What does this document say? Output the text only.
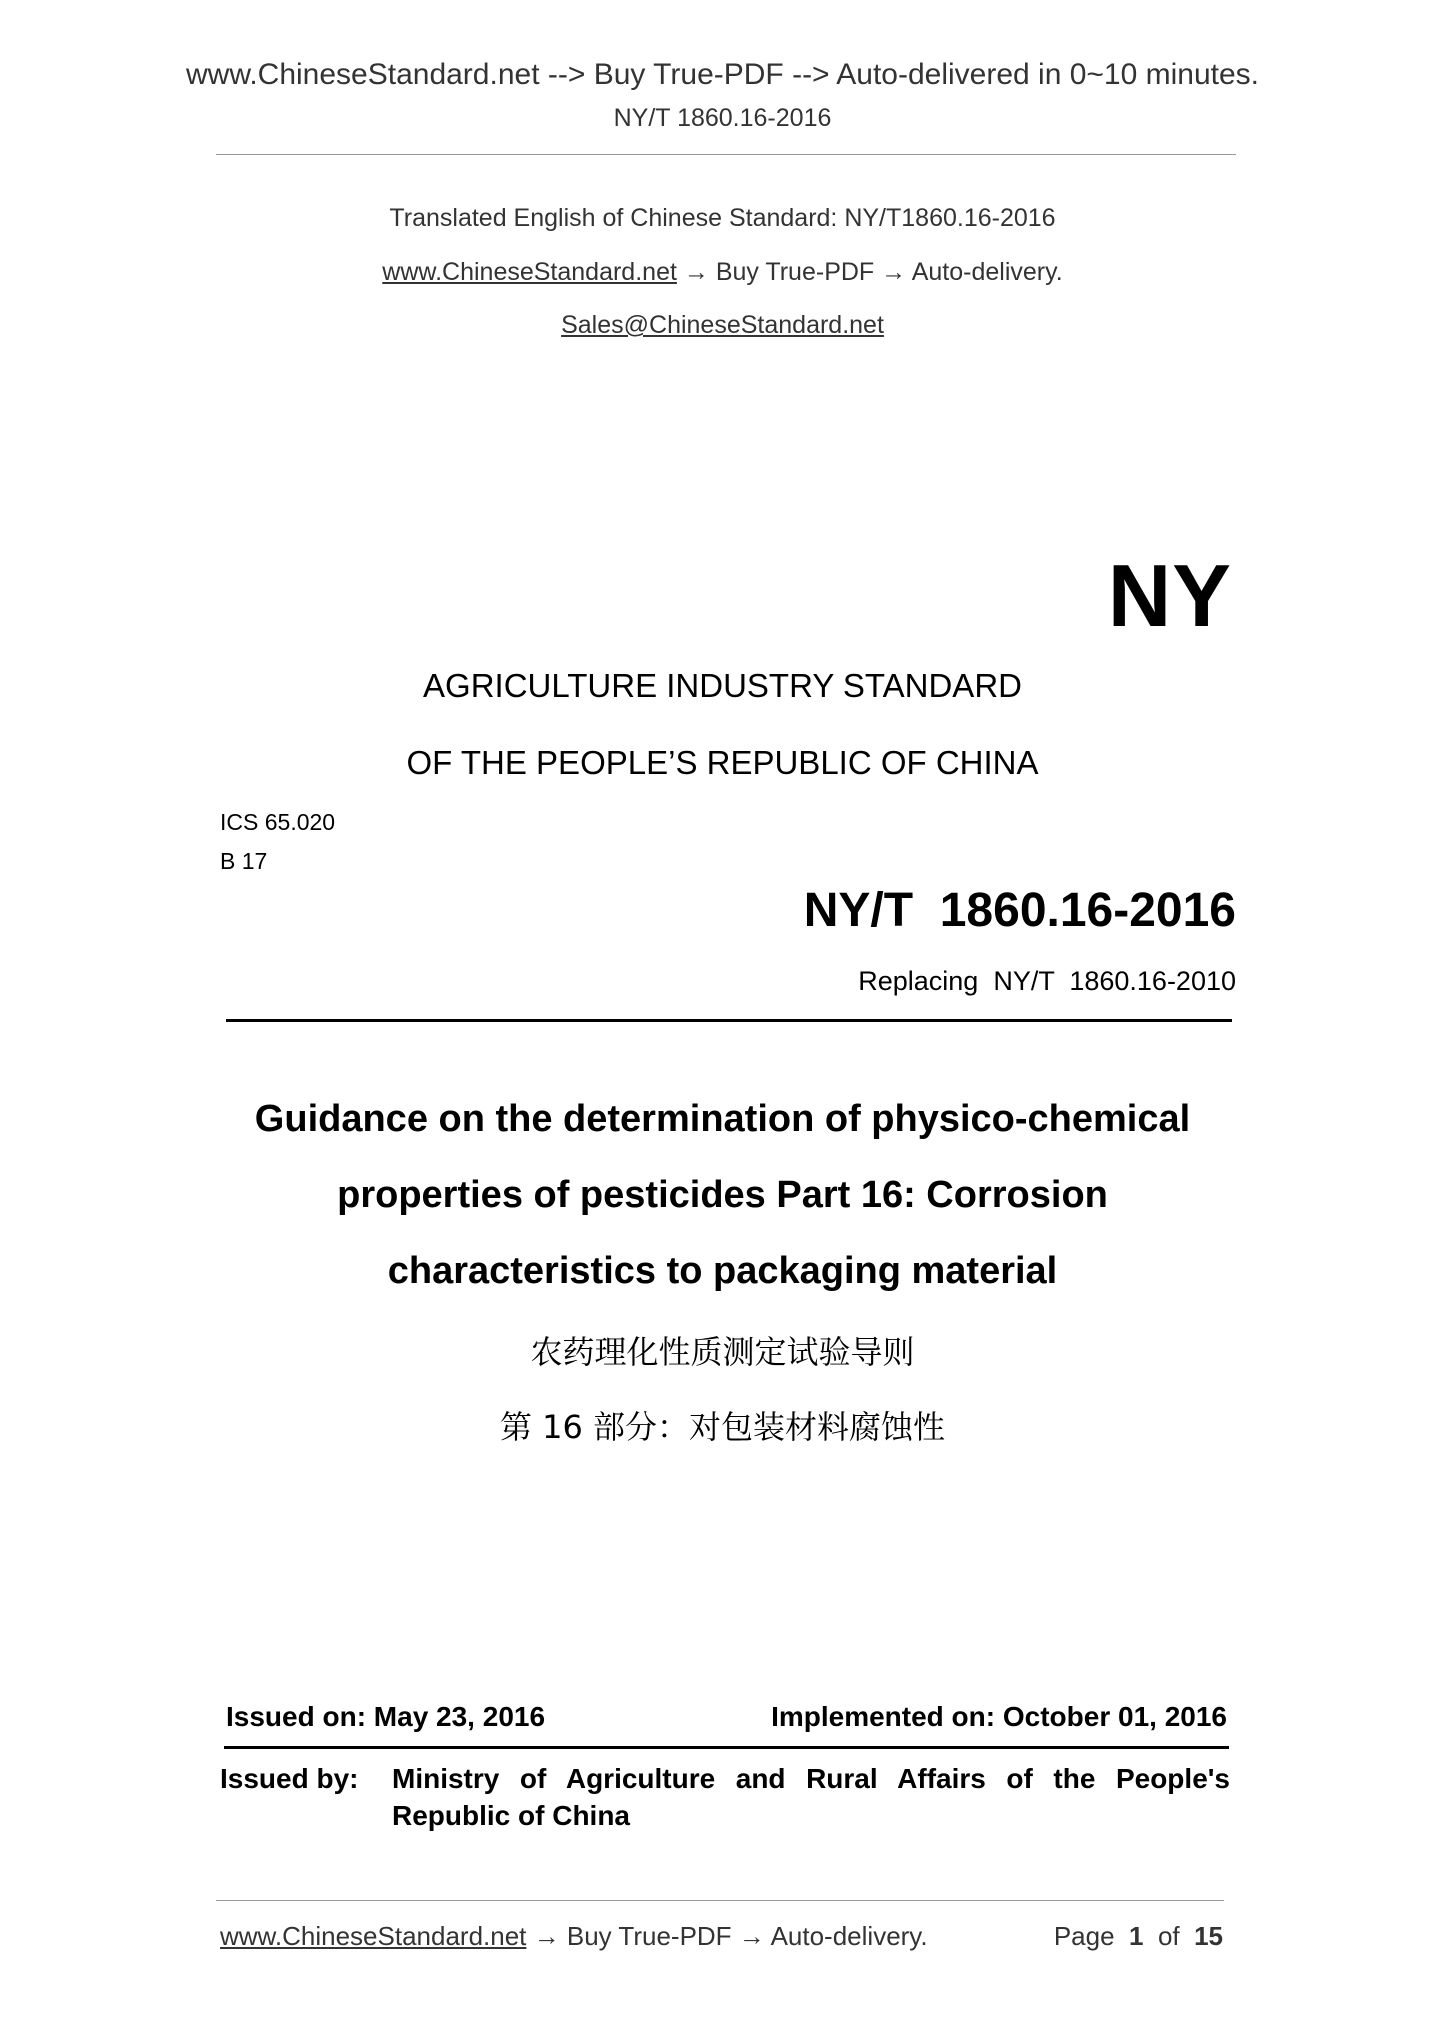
www.ChineseStandard.net --> Buy True-PDF --> Auto-delivered in 0~10 minutes.
NY/T 1860.16-2016
Translated English of Chinese Standard: NY/T1860.16-2016
www.ChineseStandard.net → Buy True-PDF → Auto-delivery.
Sales@ChineseStandard.net
NY
AGRICULTURE INDUSTRY STANDARD
OF THE PEOPLE’S REPUBLIC OF CHINA
ICS 65.020
B 17
NY/T  1860.16-2016
Replacing  NY/T  1860.16-2010
Guidance on the determination of physico-chemical
properties of pesticides Part 16: Corrosion
characteristics to packaging material
农药理化性质测定试验导则
第 16 部分：对包装材料腐蚀性
Issued on: May 23, 2016	Implemented on: October 01, 2016
Issued by: Ministry of Agriculture and Rural Affairs of the People's
Republic of China
www.ChineseStandard.net → Buy True-PDF → Auto-delivery.	Page 1 of 15
